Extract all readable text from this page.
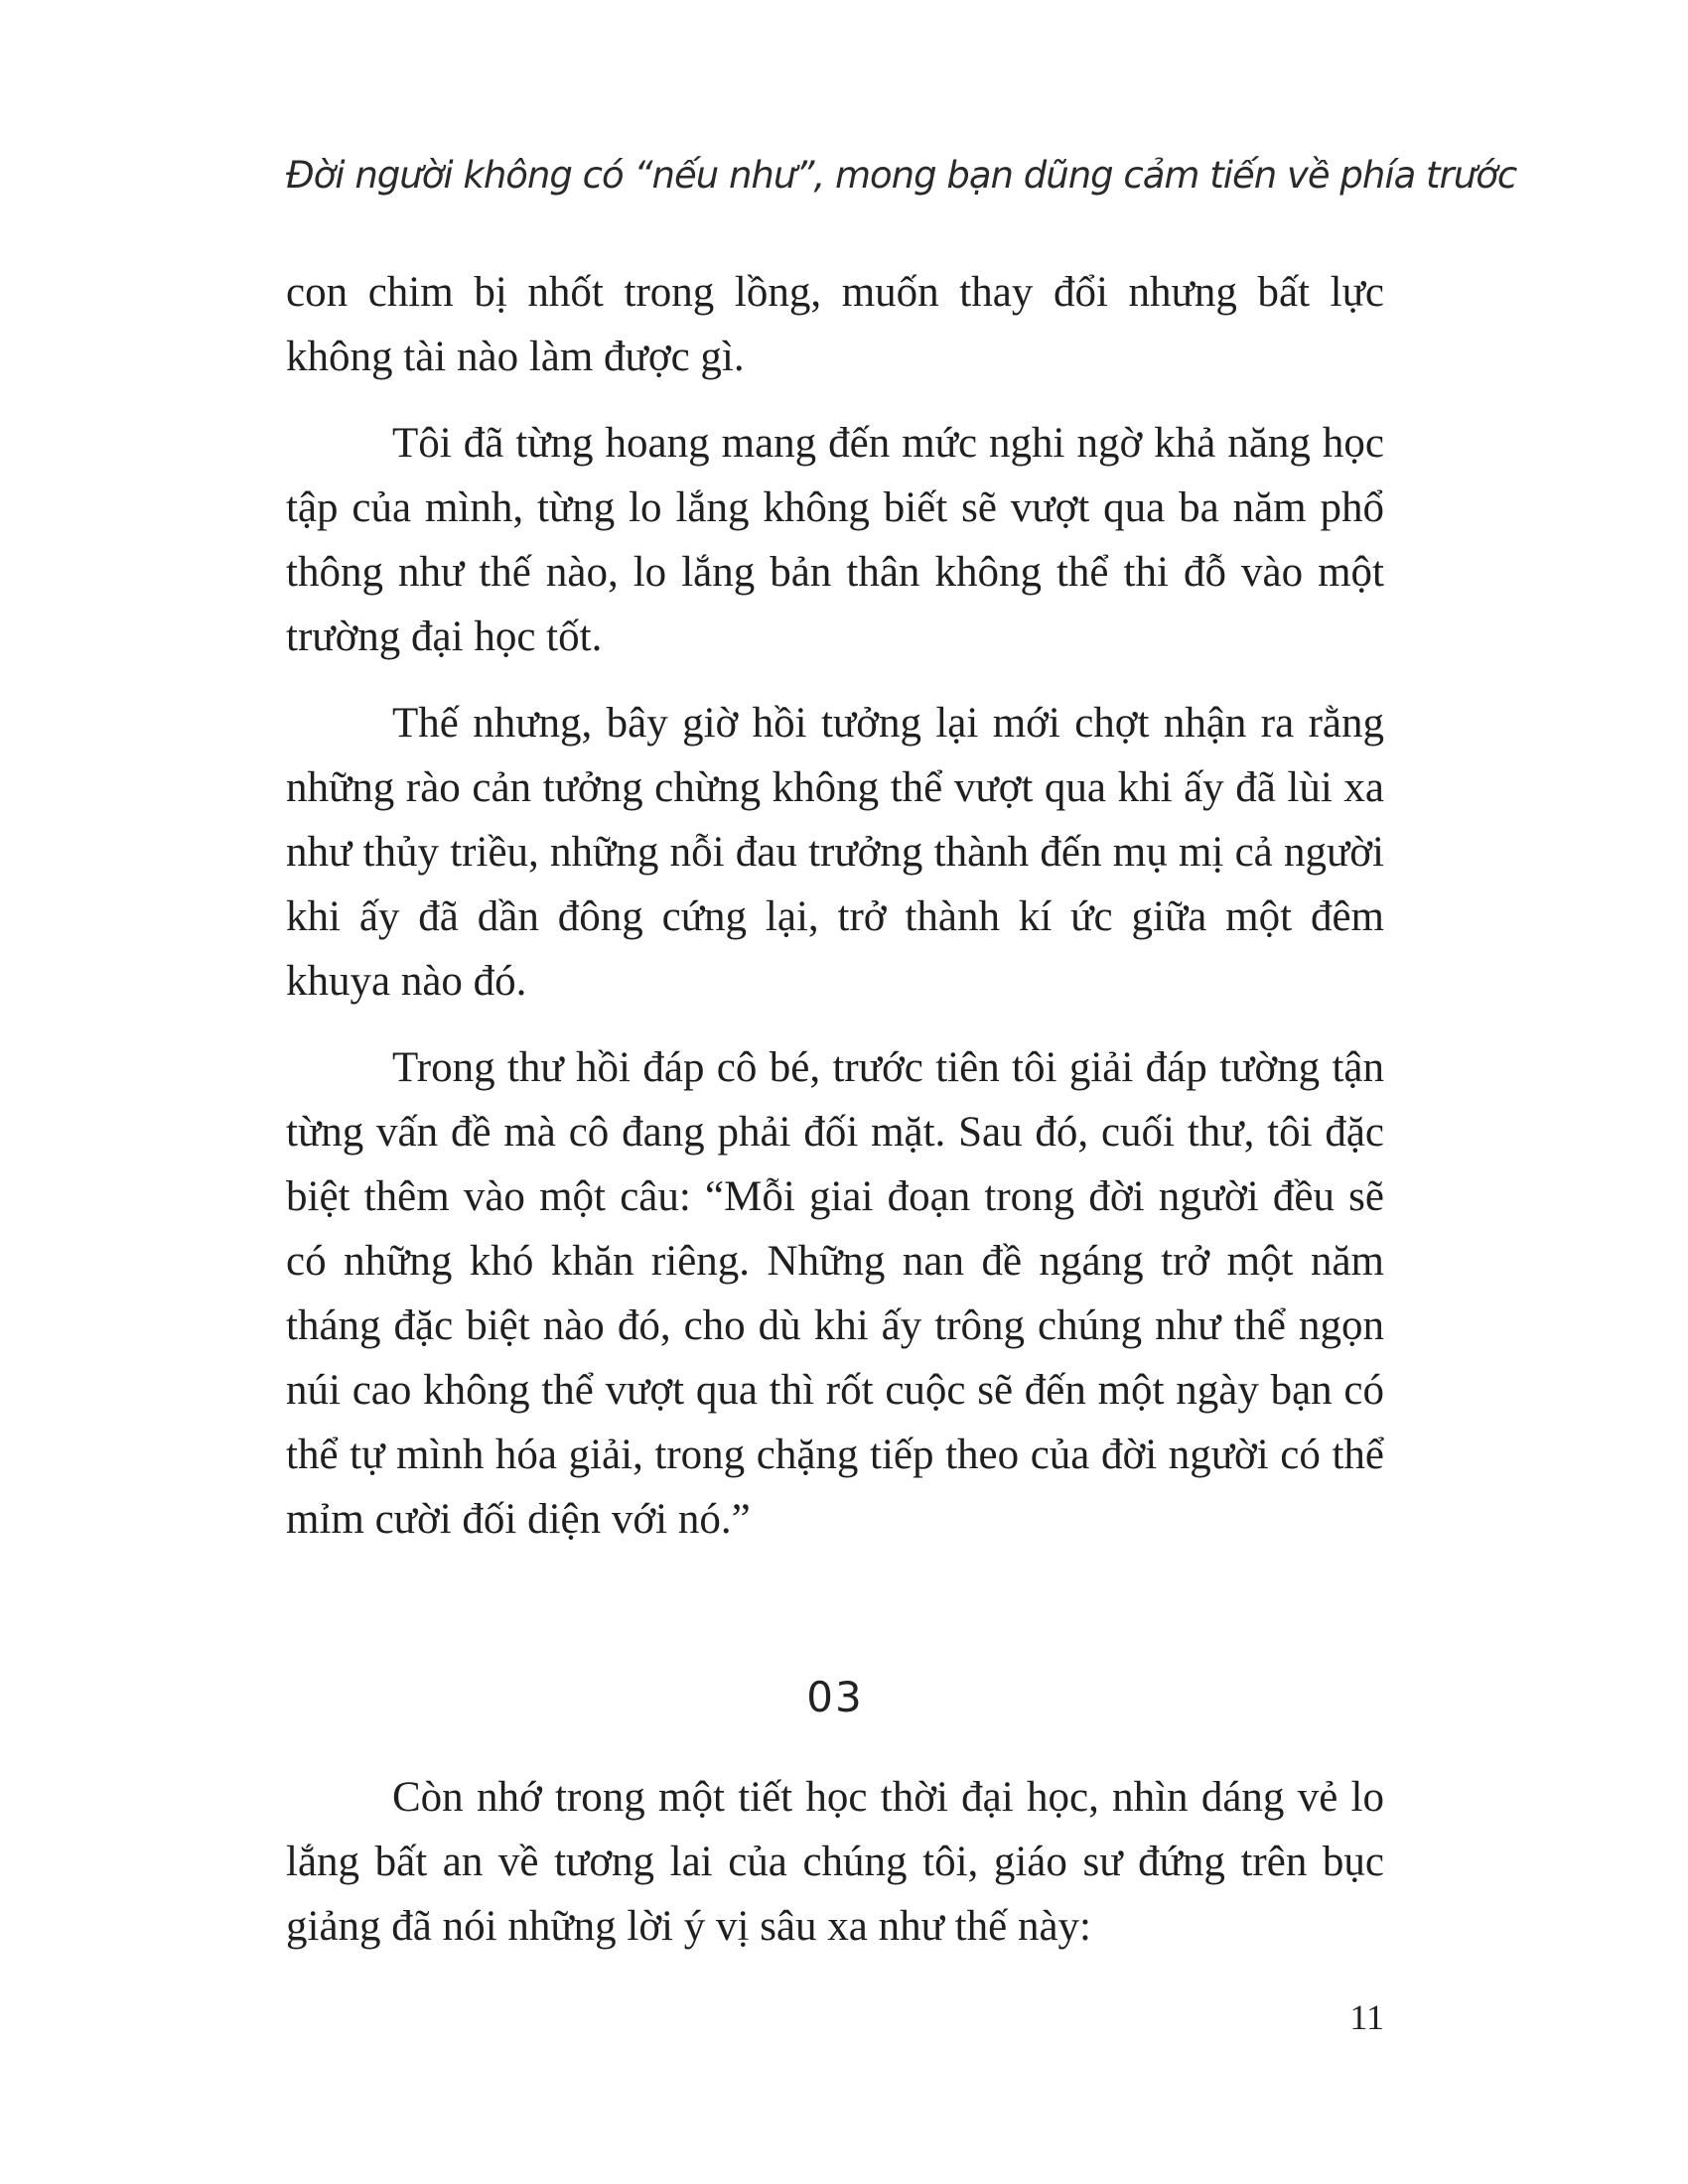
Đời người không có “nếu như”, mong bạn dũng cảm tiến về phía trước

con chim bị nhốt trong lồng, muốn thay đổi nhưng bất lực không tài nào làm được gì.

Tôi đã từng hoang mang đến mức nghi ngờ khả năng học tập của mình, từng lo lắng không biết sẽ vượt qua ba năm phổ thông như thế nào, lo lắng bản thân không thể thi đỗ vào một trường đại học tốt.

Thế nhưng, bây giờ hồi tưởng lại mới chợt nhận ra rằng những rào cản tưởng chừng không thể vượt qua khi ấy đã lùi xa như thủy triều, những nỗi đau trưởng thành đến mụ mị cả người khi ấy đã dần đông cứng lại, trở thành kí ức giữa một đêm khuya nào đó.

Trong thư hồi đáp cô bé, trước tiên tôi giải đáp tường tận từng vấn đề mà cô đang phải đối mặt. Sau đó, cuối thư, tôi đặc biệt thêm vào một câu: “Mỗi giai đoạn trong đời người đều sẽ có những khó khăn riêng. Những nan đề ngáng trở một năm tháng đặc biệt nào đó, cho dù khi ấy trông chúng như thể ngọn núi cao không thể vượt qua thì rốt cuộc sẽ đến một ngày bạn có thể tự mình hóa giải, trong chặng tiếp theo của đời người có thể mỉm cười đối diện với nó.”

03

Còn nhớ trong một tiết học thời đại học, nhìn dáng vẻ lo lắng bất an về tương lai của chúng tôi, giáo sư đứng trên bục giảng đã nói những lời ý vị sâu xa như thế này:

11
